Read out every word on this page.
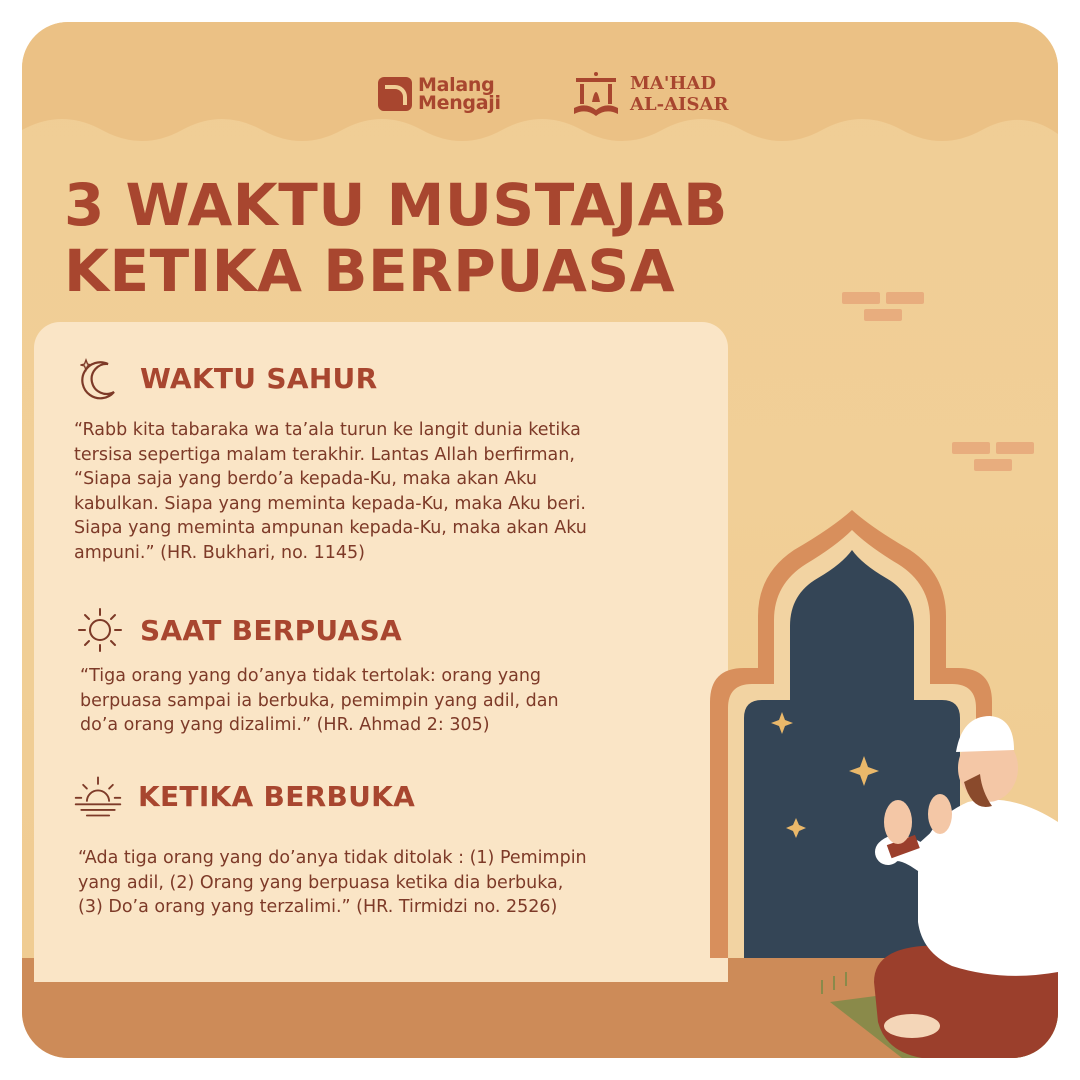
Malang
Mengaji
MA'HAD
AL-AISAR
3 WAKTU MUSTAJAB
KETIKA BERPUASA
WAKTU SAHUR

“Rabb kita tabaraka wa ta’ala turun ke langit dunia ketika
tersisa sepertiga malam terakhir. Lantas Allah berfirman,
“Siapa saja yang berdo’a kepada-Ku, maka akan Aku
kabulkan. Siapa yang meminta kepada-Ku, maka Aku beri.
Siapa yang meminta ampunan kepada-Ku, maka akan Aku
ampuni.” (HR. Bukhari, no. 1145)

SAAT BERPUASA

“Tiga orang yang do’anya tidak tertolak: orang yang
berpuasa sampai ia berbuka, pemimpin yang adil, dan
do’a orang yang dizalimi.” (HR. Ahmad 2: 305)

KETIKA BERBUKA

“Ada tiga orang yang do’anya tidak ditolak : (1) Pemimpin
yang adil, (2) Orang yang berpuasa ketika dia berbuka,
(3) Do’a orang yang terzalimi.” (HR. Tirmidzi no. 2526)
